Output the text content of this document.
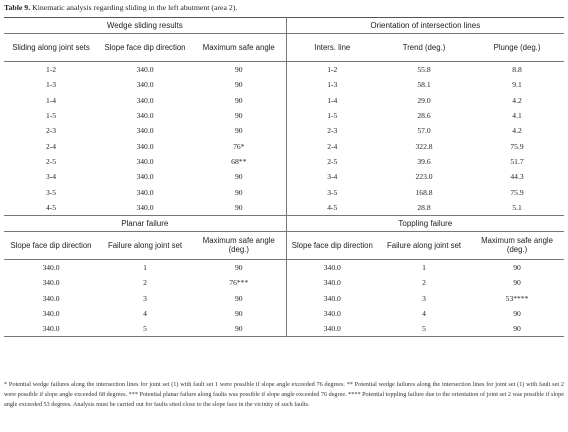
Table 9. Kinematic analysis regarding sliding in the left abutment (area 2).
Wedge sliding results			Orientation of intersection lines		
Sliding along joint sets	Slope face dip direction	Maximum safe angle	Inters. line	Trend (deg.)	Plunge (deg.)
1-2	340.0	90	1-2	55.8	8.8
1-3	340.0	90	1-3	58.1	9.1
1-4	340.0	90	1-4	29.0	4.2
1-5	340.0	90	1-5	28.6	4.1
2-3	340.0	90	2-3	57.0	4.2
2-4	340.0	76*	2-4	322.8	75.9
2-5	340.0	68**	2-5	39.6	51.7
3-4	340.0	90	3-4	223.0	44.3
3-5	340.0	90	3-5	168.8	75.9
4-5	340.0	90	4-5	28.8	5.1
Planar failure			Toppling failure		
Slope face dip direction	Failure along joint set	Maximum safe angle (deg.)	Slope face dip direction	Failure along joint set	Maximum safe angle (deg.)
340.0	1	90	340.0	1	90
340.0	2	76***	340.0	2	90
340.0	3	90	340.0	3	53****
340.0	4	90	340.0	4	90
340.0	5	90	340.0	5	90
* Potential wedge failures along the intersection lines for joint set (1) with fault set 1 were possible if slope angle exceeded 76 degrees. ** Potential wedge failures along the intersection lines for joint set (1) with fault set 2 were possible if slope angle exceeded 68 degrees. *** Potential planar failure along faults was possible if slope angle exceeded 76 degree. **** Potential toppling failure due to the orientation of joint set 2 was possible if slope angle exceeded 53 degrees. Analysis must be carried out for faults sited close to the slope face in the vicinity of such faults.
